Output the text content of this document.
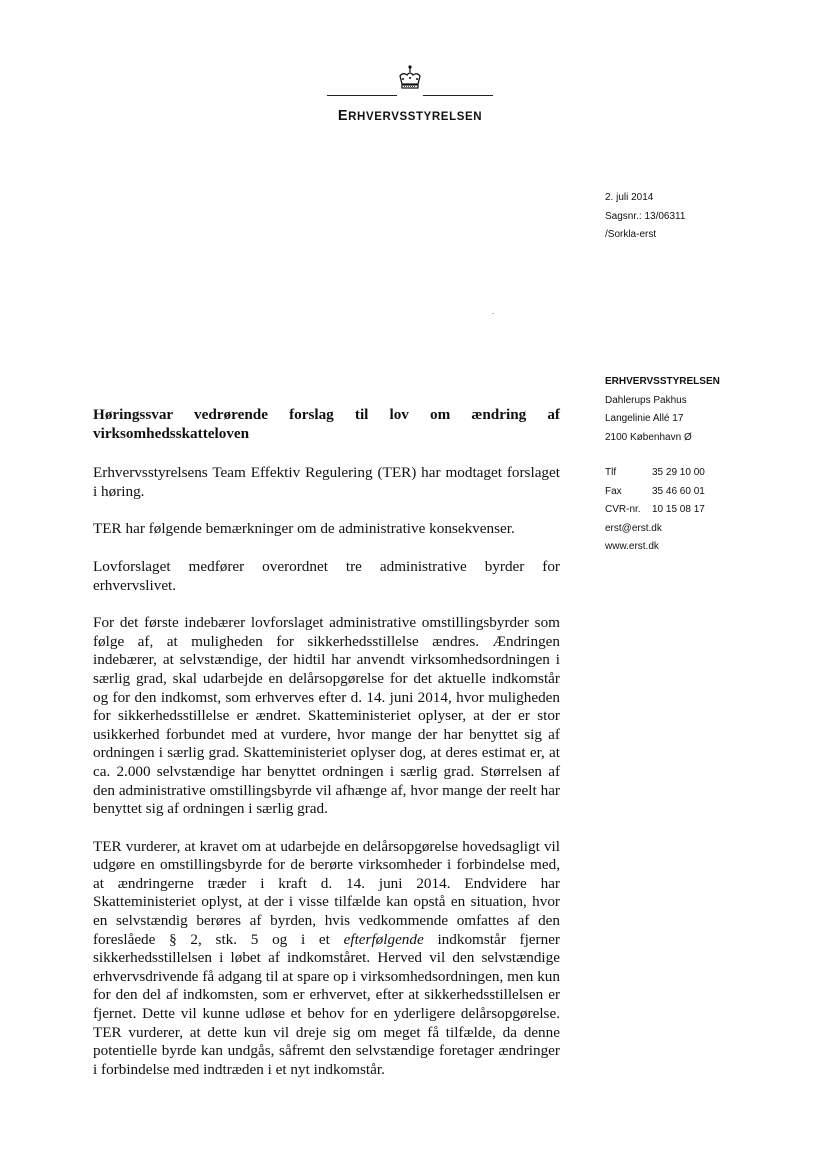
ERHVERVSSTYRELSEN
2. juli 2014
Sagsnr.: 13/06311
/Sorkla-erst
ERHVERVSSTYRELSEN
Dahlerups Pakhus
Langelinie Allé 17
2100 København Ø
Tlf	35 29 10 00
Fax	35 46 60 01
CVR-nr.	10 15 08 17
erst@erst.dk
www.erst.dk

Høringssvar vedrørende forslag til lov om ændring af virksomhedsskatteloven

Erhvervsstyrelsens Team Effektiv Regulering (TER) har modtaget forslaget i høring.

TER har følgende bemærkninger om de administrative konsekvenser.

Lovforslaget medfører overordnet tre administrative byrder for erhvervslivet.

For det første indebærer lovforslaget administrative omstillingsbyrder som følge af, at muligheden for sikkerhedsstillelse ændres. Ændringen indebærer, at selvstændige, der hidtil har anvendt virksomhedsordningen i særlig grad, skal udarbejde en delårsopgørelse for det aktuelle indkomstår og for den indkomst, som erhverves efter d. 14. juni 2014, hvor muligheden for sikkerhedsstillelse er ændret. Skatteministeriet oplyser, at der er stor usikkerhed forbundet med at vurdere, hvor mange der har benyttet sig af ordningen i særlig grad. Skatteministeriet oplyser dog, at deres estimat er, at ca. 2.000 selvstændige har benyttet ordningen i særlig grad. Størrelsen af den administrative omstillingsbyrde vil afhænge af, hvor mange der reelt har benyttet sig af ordningen i særlig grad.

TER vurderer, at kravet om at udarbejde en delårsopgørelse hovedsagligt vil udgøre en omstillingsbyrde for de berørte virksomheder i forbindelse med, at ændringerne træder i kraft d. 14. juni 2014. Endvidere har Skatteministeriet oplyst, at der i visse tilfælde kan opstå en situation, hvor en selvstændig berøres af byrden, hvis vedkommende omfattes af den foreslåede § 2, stk. 5 og i et efterfølgende indkomstår fjerner sikkerhedsstillelsen i løbet af indkomståret. Herved vil den selvstændige erhvervsdrivende få adgang til at spare op i virksomhedsordningen, men kun for den del af indkomsten, som er erhvervet, efter at sikkerhedsstillelsen er fjernet. Dette vil kunne udløse et behov for en yderligere delårsopgørelse. TER vurderer, at dette kun vil dreje sig om meget få tilfælde, da denne potentielle byrde kan undgås, såfremt den selvstændige foretager ændringer i forbindelse med indtræden i et nyt indkomstår.
